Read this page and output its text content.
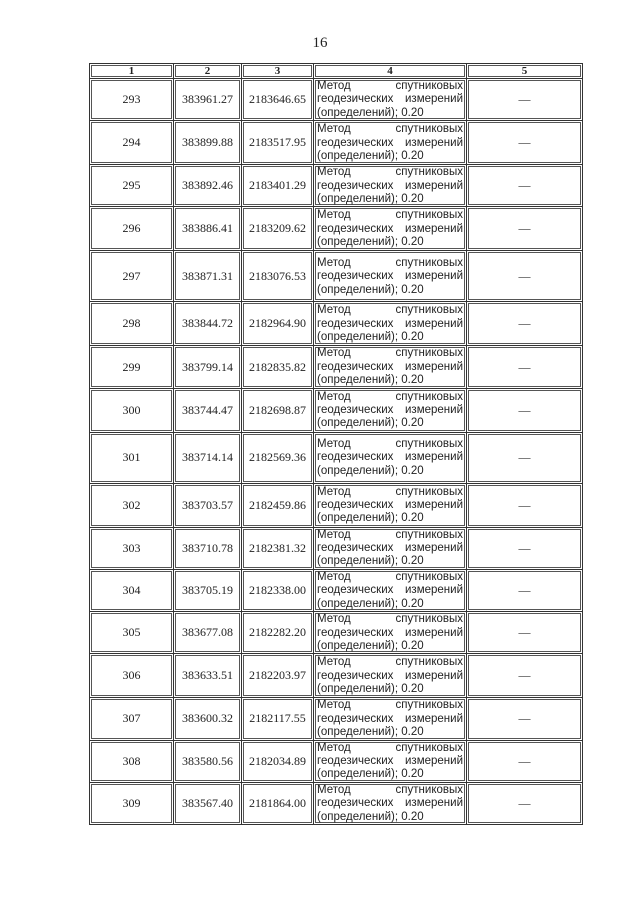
16
1	2	3	4	5
293	383961.27	2183646.65	Метод спутниковых
геодезических измерений
(определений); 0.20	—
294	383899.88	2183517.95	Метод спутниковых
геодезических измерений
(определений); 0.20	—
295	383892.46	2183401.29	Метод спутниковых
геодезических измерений
(определений); 0.20	—
296	383886.41	2183209.62	Метод спутниковых
геодезических измерений
(определений); 0.20	—
297	383871.31	2183076.53	Метод спутниковых
геодезических измерений
(определений); 0.20	—
298	383844.72	2182964.90	Метод спутниковых
геодезических измерений
(определений); 0.20	—
299	383799.14	2182835.82	Метод спутниковых
геодезических измерений
(определений); 0.20	—
300	383744.47	2182698.87	Метод спутниковых
геодезических измерений
(определений); 0.20	—
301	383714.14	2182569.36	Метод спутниковых
геодезических измерений
(определений); 0.20	—
302	383703.57	2182459.86	Метод спутниковых
геодезических измерений
(определений); 0.20	—
303	383710.78	2182381.32	Метод спутниковых
геодезических измерений
(определений); 0.20	—
304	383705.19	2182338.00	Метод спутниковых
геодезических измерений
(определений); 0.20	—
305	383677.08	2182282.20	Метод спутниковых
геодезических измерений
(определений); 0.20	—
306	383633.51	2182203.97	Метод спутниковых
геодезических измерений
(определений); 0.20	—
307	383600.32	2182117.55	Метод спутниковых
геодезических измерений
(определений); 0.20	—
308	383580.56	2182034.89	Метод спутниковых
геодезических измерений
(определений); 0.20	—
309	383567.40	2181864.00	Метод спутниковых
геодезических измерений
(определений); 0.20	—
